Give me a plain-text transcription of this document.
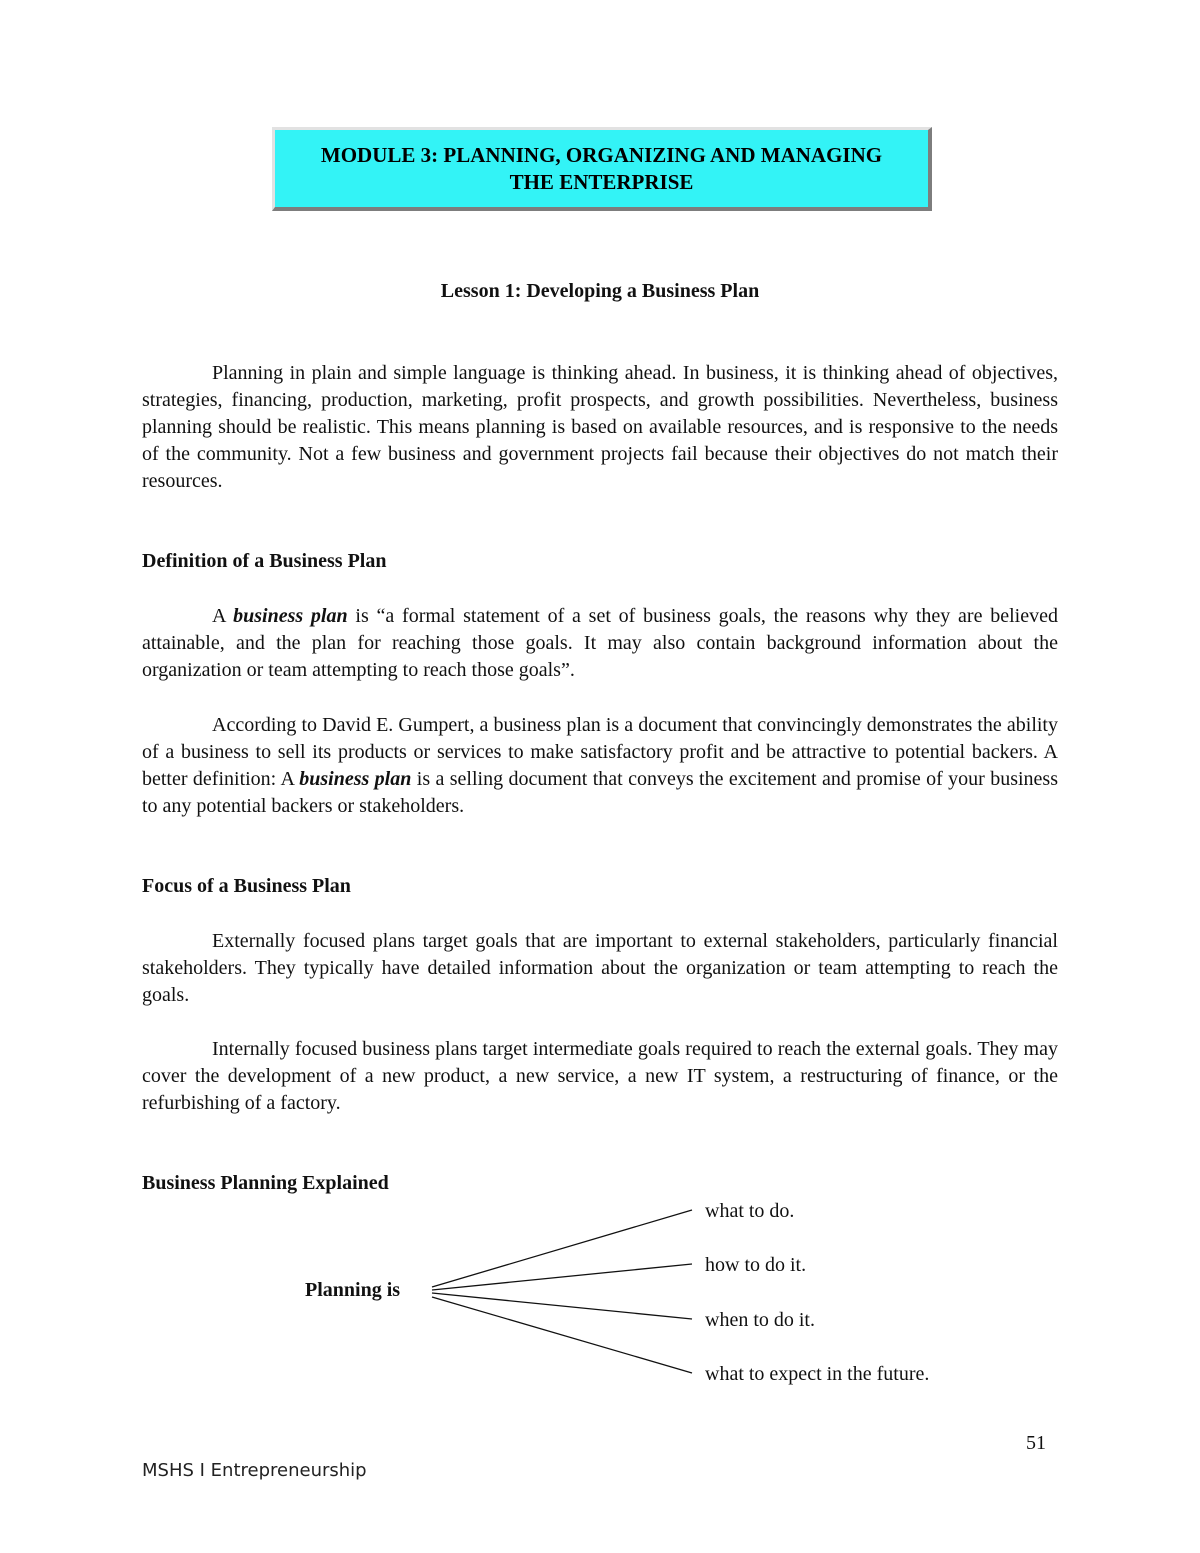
MODULE 3: PLANNING, ORGANIZING AND MANAGING
THE ENTERPRISE
Lesson 1: Developing a Business Plan

Planning in plain and simple language is thinking ahead. In business, it is thinking ahead of objectives, strategies, financing, production, marketing, profit prospects, and growth possibilities. Nevertheless, business planning should be realistic. This means planning is based on available resources, and is responsive to the needs of the community. Not a few business and government projects fail because their objectives do not match their resources.

Definition of a Business Plan

A business plan is “a formal statement of a set of business goals, the reasons why they are believed attainable, and the plan for reaching those goals. It may also contain background information about the organization or team attempting to reach those goals”.

According to David E. Gumpert, a business plan is a document that convincingly demonstrates the ability of a business to sell its products or services to make satisfactory profit and be attractive to potential backers. A better definition: A business plan is a selling document that conveys the excitement and promise of your business to any potential backers or stakeholders.

Focus of a Business Plan

Externally focused plans target goals that are important to external stakeholders, particularly financial stakeholders. They typically have detailed information about the organization or team attempting to reach the goals.

Internally focused business plans target intermediate goals required to reach the external goals. They may cover the development of a new product, a new service, a new IT system, a restructuring of finance, or the refurbishing of a factory.

Business Planning Explained
Planning is
what to do.
how to do it.
when to do it.
what to expect in the future.
51
MSHS I Entrepreneurship
